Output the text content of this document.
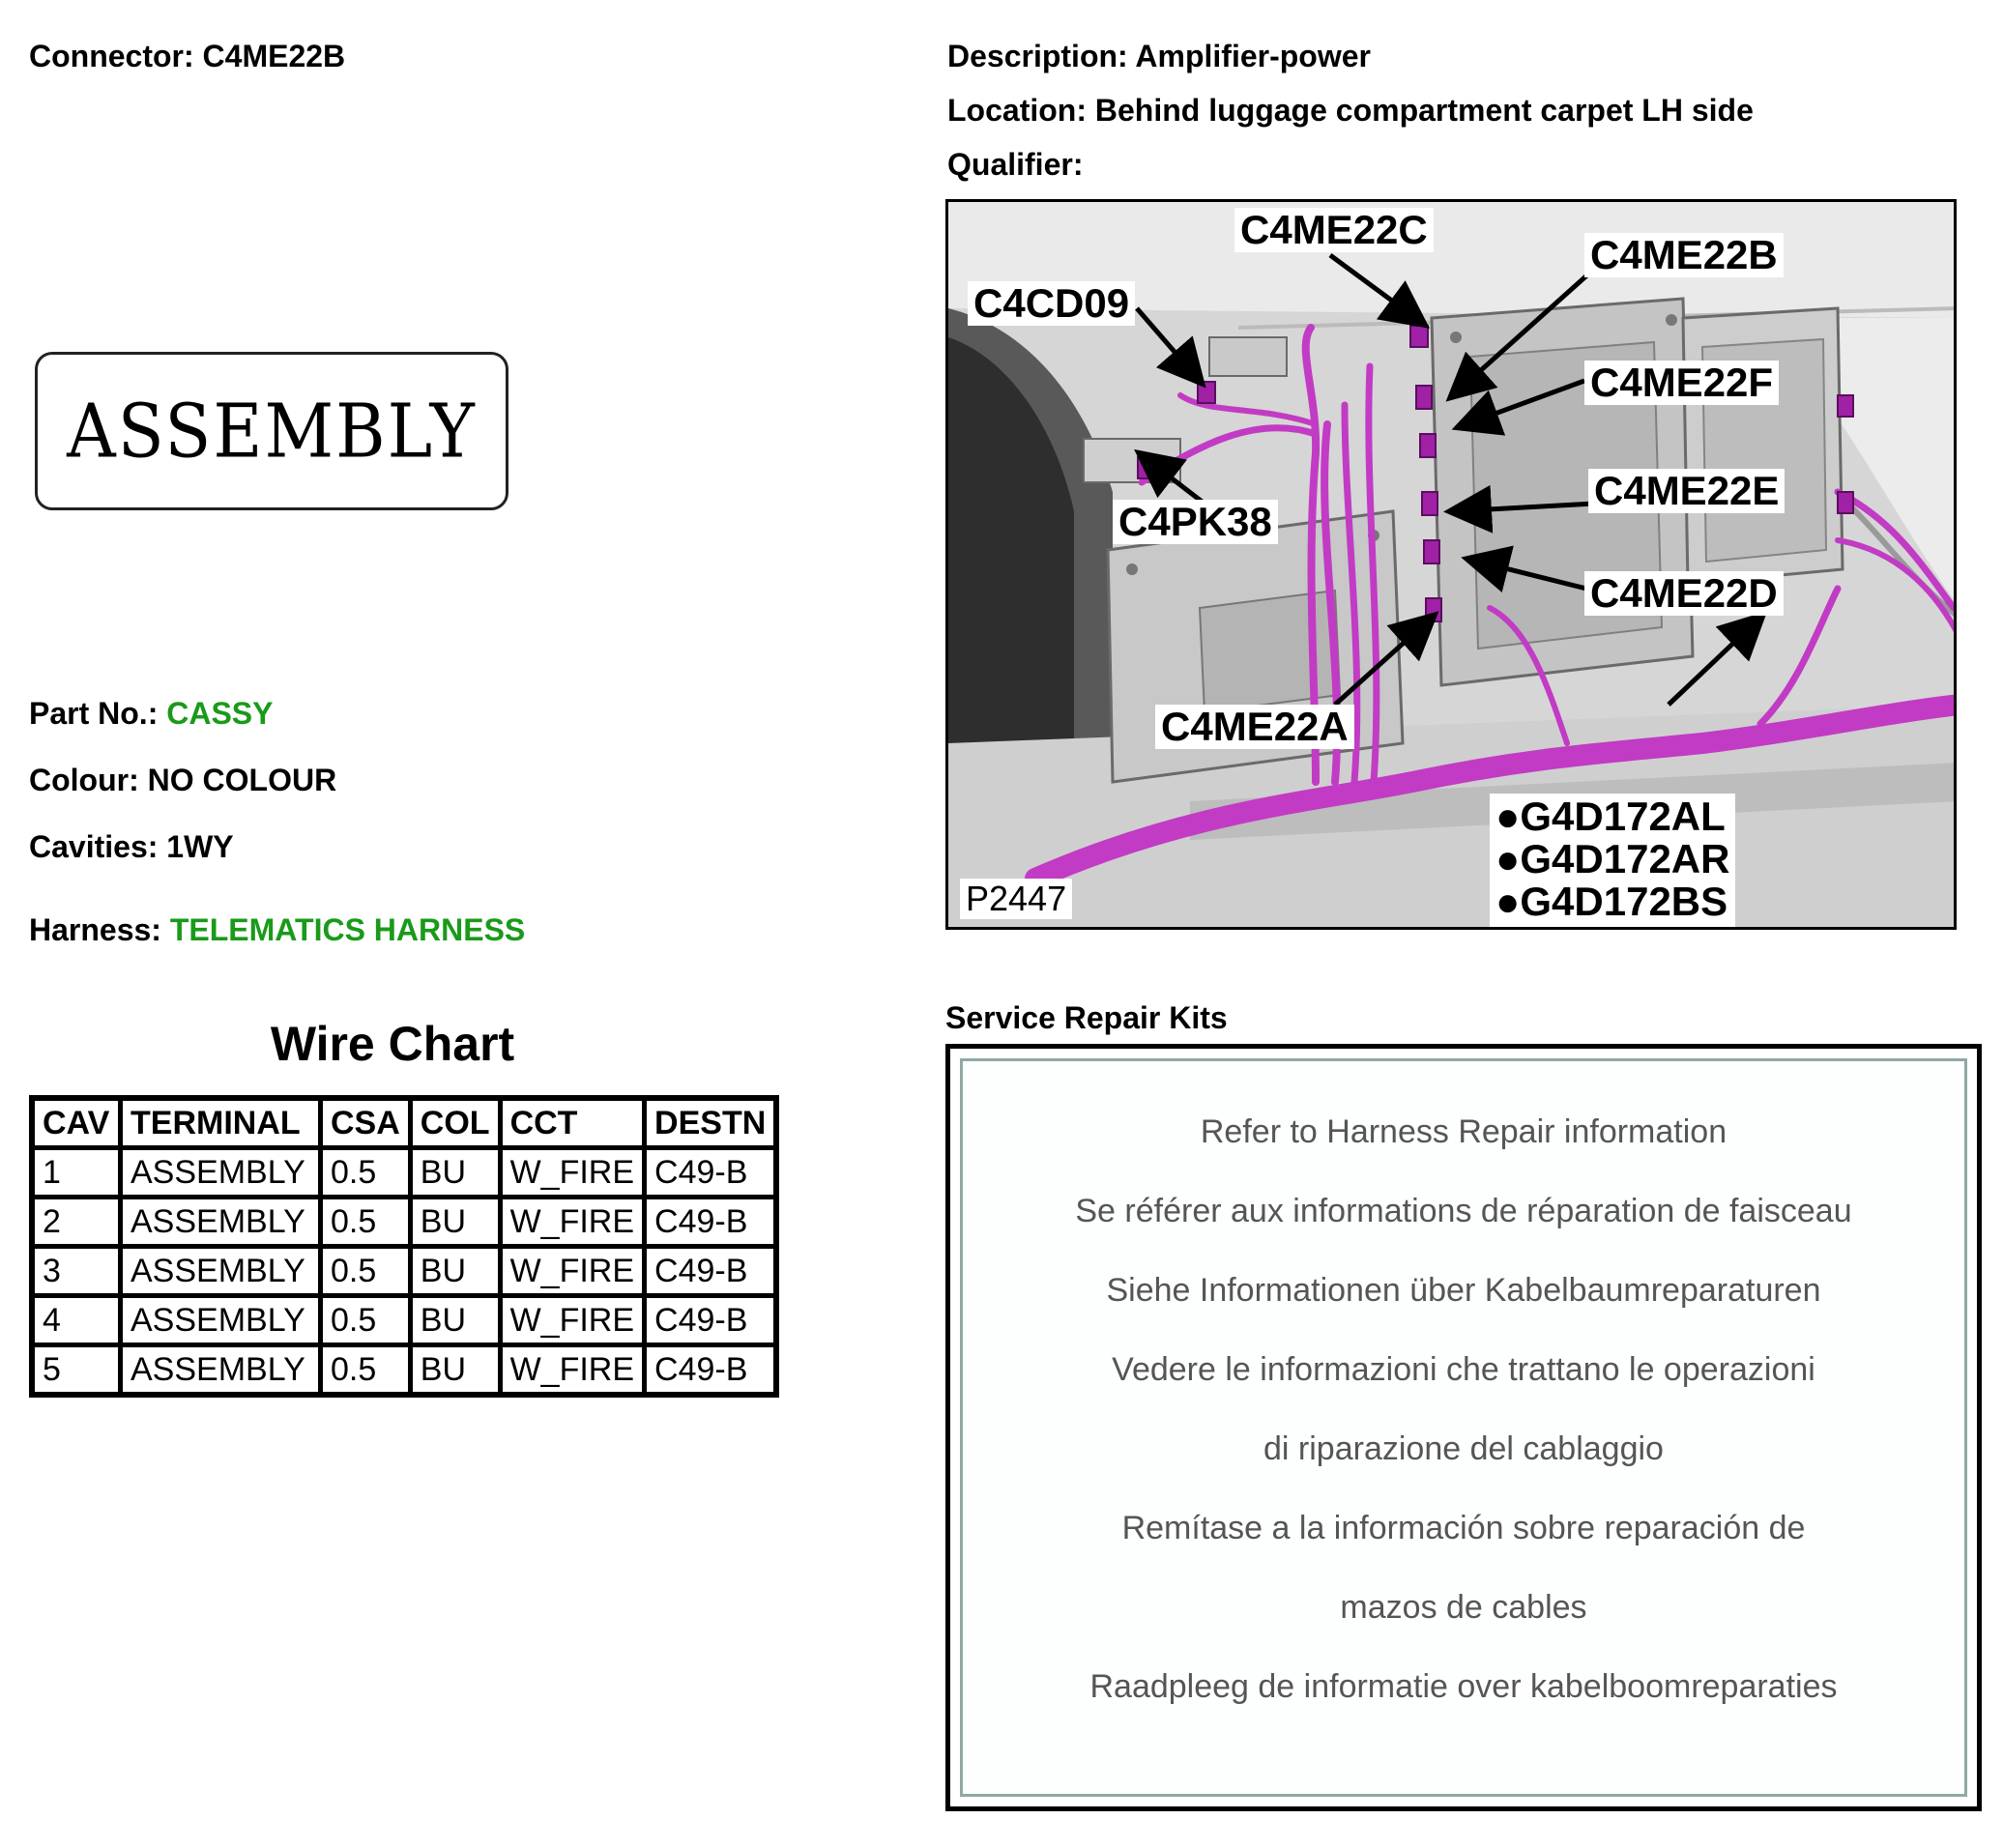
Connector: C4ME22B	Description: Amplifier-power
Location: Behind luggage compartment carpet LH side
Qualifier:
ASSEMBLY
Part No.: CASSY
Colour: NO COLOUR
Cavities: 1WY
Harness: TELEMATICS HARNESS
Wire Chart
CAV	TERMINAL	CSA	COL	CCT	DESTN
1	ASSEMBLY	0.5	BU	W_FIRE	C49-B
2	ASSEMBLY	0.5	BU	W_FIRE	C49-B
3	ASSEMBLY	0.5	BU	W_FIRE	C49-B
4	ASSEMBLY	0.5	BU	W_FIRE	C49-B
5	ASSEMBLY	0.5	BU	W_FIRE	C49-B
C4ME22C
C4ME22B
C4CD09
C4ME22F
C4PK38
C4ME22E
C4ME22D
C4ME22A
●G4D172AL
●G4D172AR
●G4D172BS
P2447
Service Repair Kits
Refer to Harness Repair information
Se référer aux informations de réparation de faisceau
Siehe Informationen über Kabelbaumreparaturen
Vedere le informazioni che trattano le operazioni
di riparazione del cablaggio
Remítase a la información sobre reparación de
mazos de cables
Raadpleeg de informatie over kabelboomreparaties
